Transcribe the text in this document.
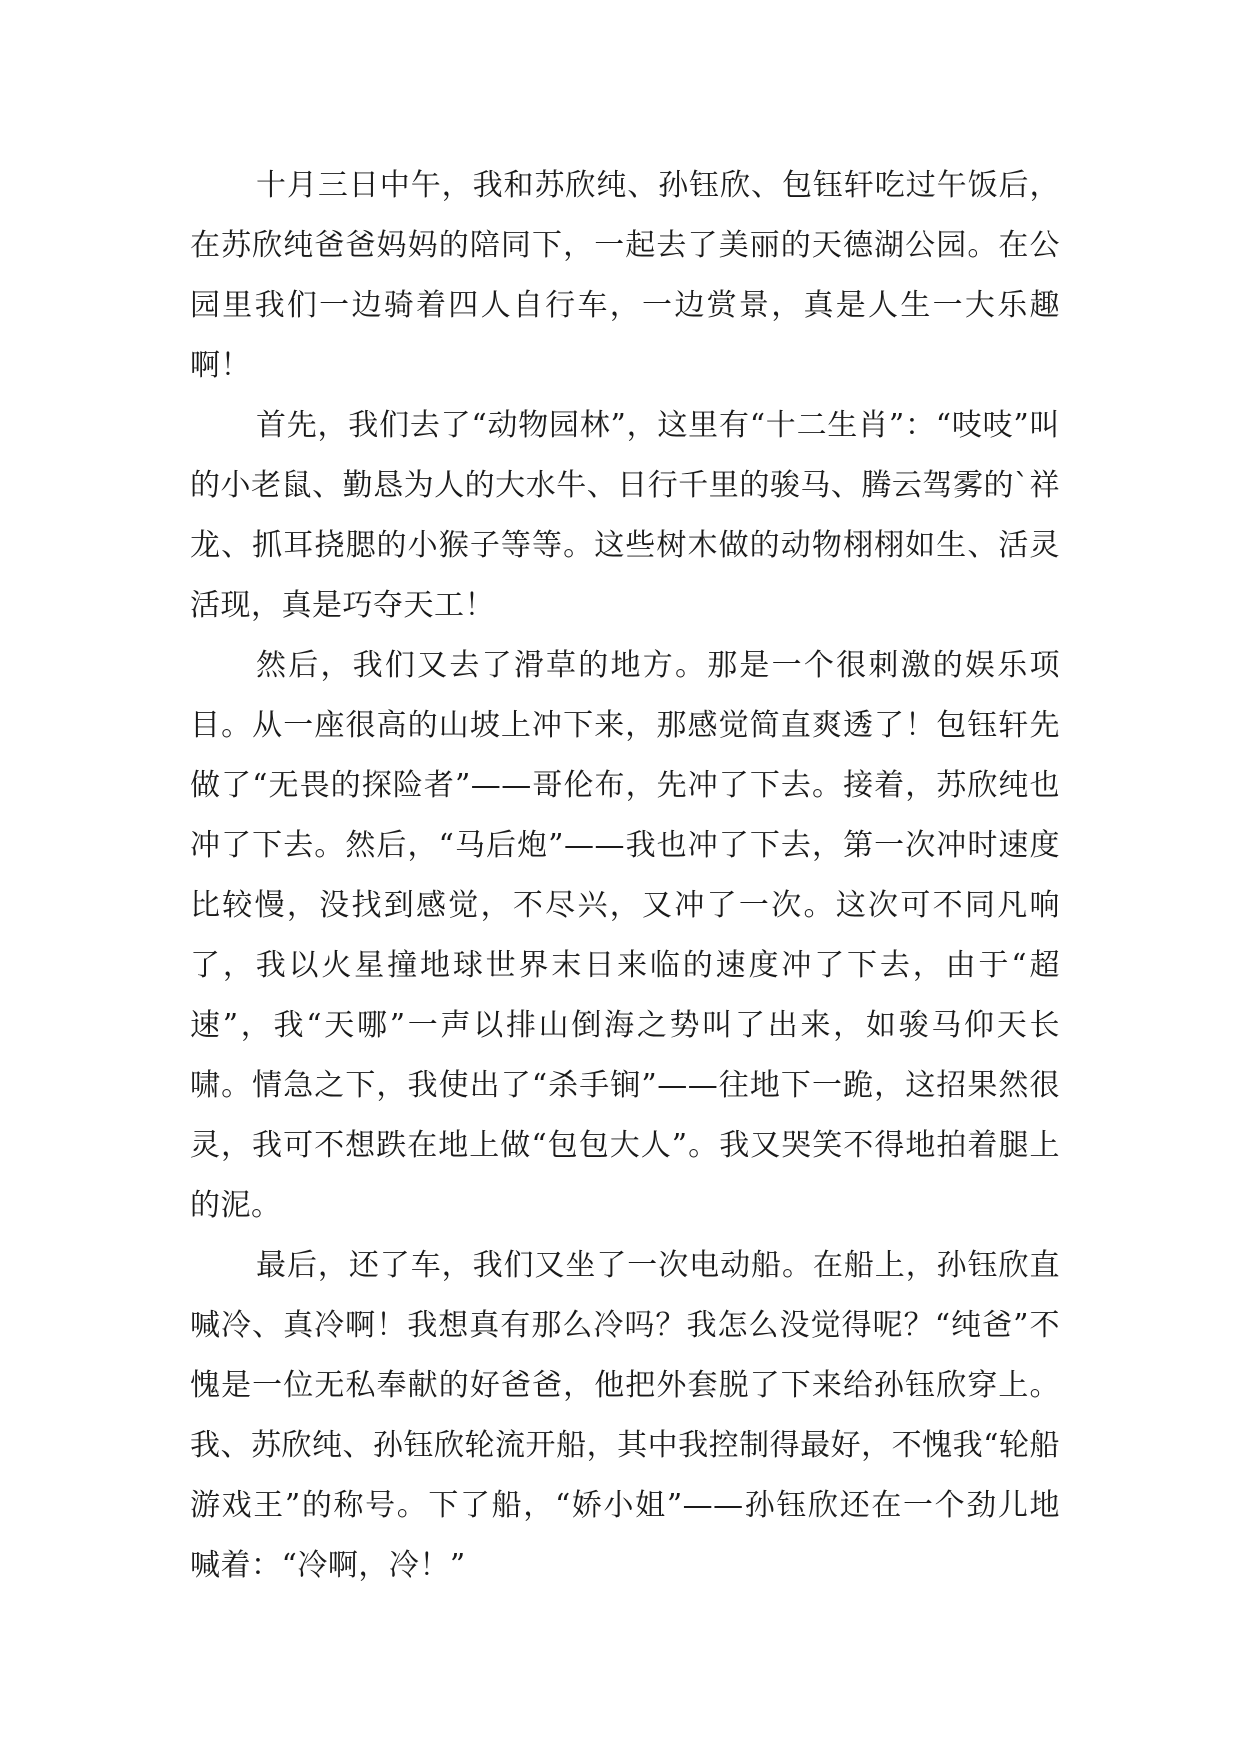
十月三日中午，我和苏欣纯、孙钰欣、包钰轩吃过午饭后，在苏欣纯爸爸妈妈的陪同下，一起去了美丽的天德湖公园。在公园里我们一边骑着四人自行车，一边赏景，真是人生一大乐趣啊！

首先，我们去了“动物园林”，这里有“十二生肖”：“吱吱”叫的小老鼠、勤恳为人的大水牛、日行千里的骏马、腾云驾雾的`祥龙、抓耳挠腮的小猴子等等。这些树木做的动物栩栩如生、活灵活现，真是巧夺天工！

然后，我们又去了滑草的地方。那是一个很刺激的娱乐项目。从一座很高的山坡上冲下来，那感觉简直爽透了！包钰轩先做了“无畏的探险者”——哥伦布，先冲了下去。接着，苏欣纯也冲了下去。然后，“马后炮”——我也冲了下去，第一次冲时速度比较慢，没找到感觉，不尽兴，又冲了一次。这次可不同凡响了，我以火星撞地球世界末日来临的速度冲了下去，由于“超速”，我“天哪”一声以排山倒海之势叫了出来，如骏马仰天长啸。情急之下，我使出了“杀手锏”——往地下一跪，这招果然很灵，我可不想跌在地上做“包包大人”。我又哭笑不得地拍着腿上的泥。

最后，还了车，我们又坐了一次电动船。在船上，孙钰欣直喊冷、真冷啊！我想真有那么冷吗？我怎么没觉得呢？“纯爸”不愧是一位无私奉献的好爸爸，他把外套脱了下来给孙钰欣穿上。我、苏欣纯、孙钰欣轮流开船，其中我控制得最好，不愧我“轮船游戏王”的称号。下了船，“娇小姐”——孙钰欣还在一个劲儿地喊着：“冷啊，冷！”
